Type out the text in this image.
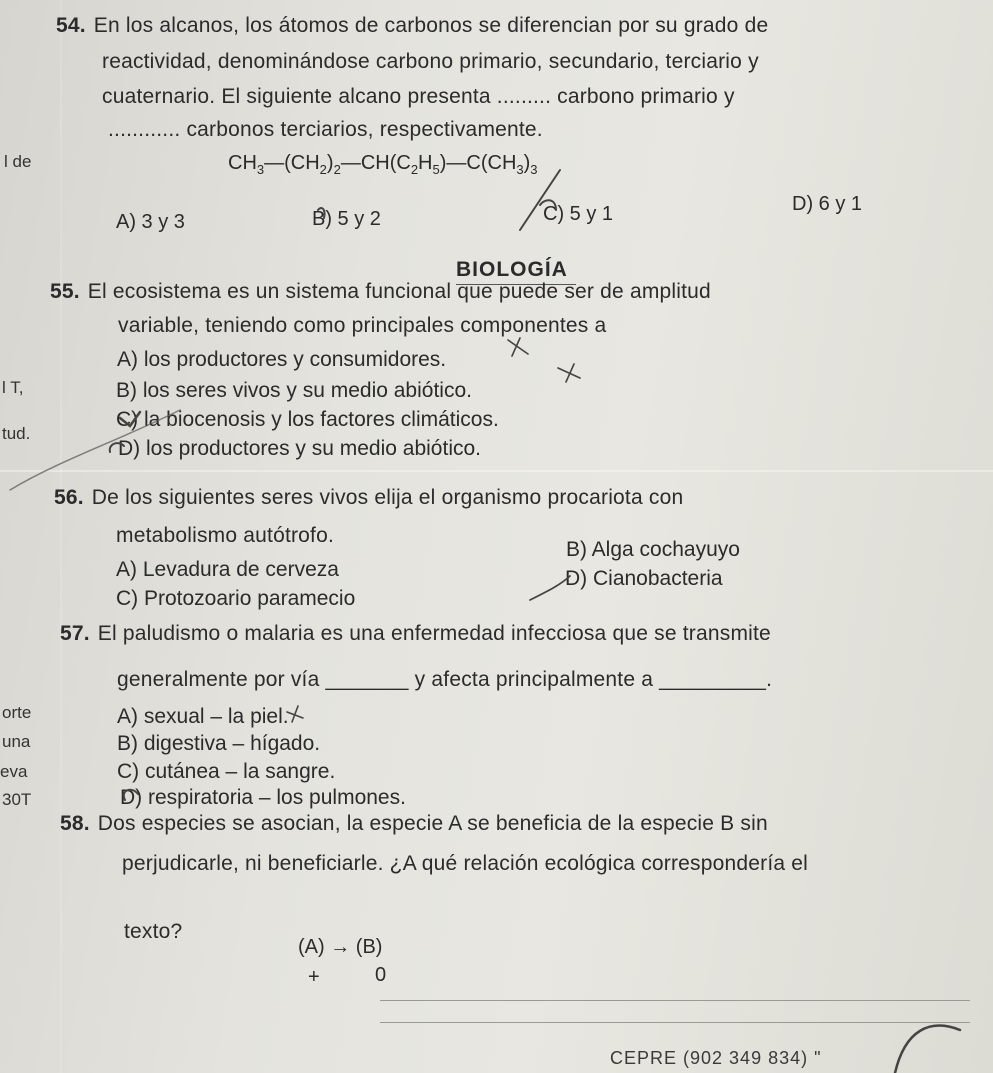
l de
l T,
tud.
orte
una
eva
30T
54. En los alcanos, los átomos de carbonos se diferencian por su grado de
reactividad, denominándose carbono primario, secundario, terciario y
cuaternario. El siguiente alcano presenta ......... carbono primario y
............ carbonos terciarios, respectivamente.
$CH_3—(CH_2)_2—CH(C_2H_5)—C(CH_3)_3$
A) 3 y 3	B) 5 y 2	C) 5 y 1	D) 6 y 1
BIOLOGÍA
55. El ecosistema es un sistema funcional que puede ser de amplitud
variable, teniendo como principales componentes a
A) los productores y consumidores.
B) los seres vivos y su medio abiótico.
C) la biocenosis y los factores climáticos.
D) los productores y su medio abiótico.
56. De los siguientes seres vivos elija el organismo procariota con
metabolismo autótrofo.
A) Levadura de cerveza
B) Alga cochayuyo
C) Protozoario paramecio
D) Cianobacteria
57. El paludismo o malaria es una enfermedad infecciosa que se transmite
generalmente por vía _______ y afecta principalmente a _________.
A) sexual – la piel.
B) digestiva – hígado.
C) cutánea – la sangre.
D) respiratoria – los pulmones.
58. Dos especies se asocian, la especie A se beneficia de la especie B sin
perjudicarle, ni beneficiarle. ¿A qué relación ecológica correspondería el
texto?
(A) → (B)
+	0
CEPRE (902 349 834) "
